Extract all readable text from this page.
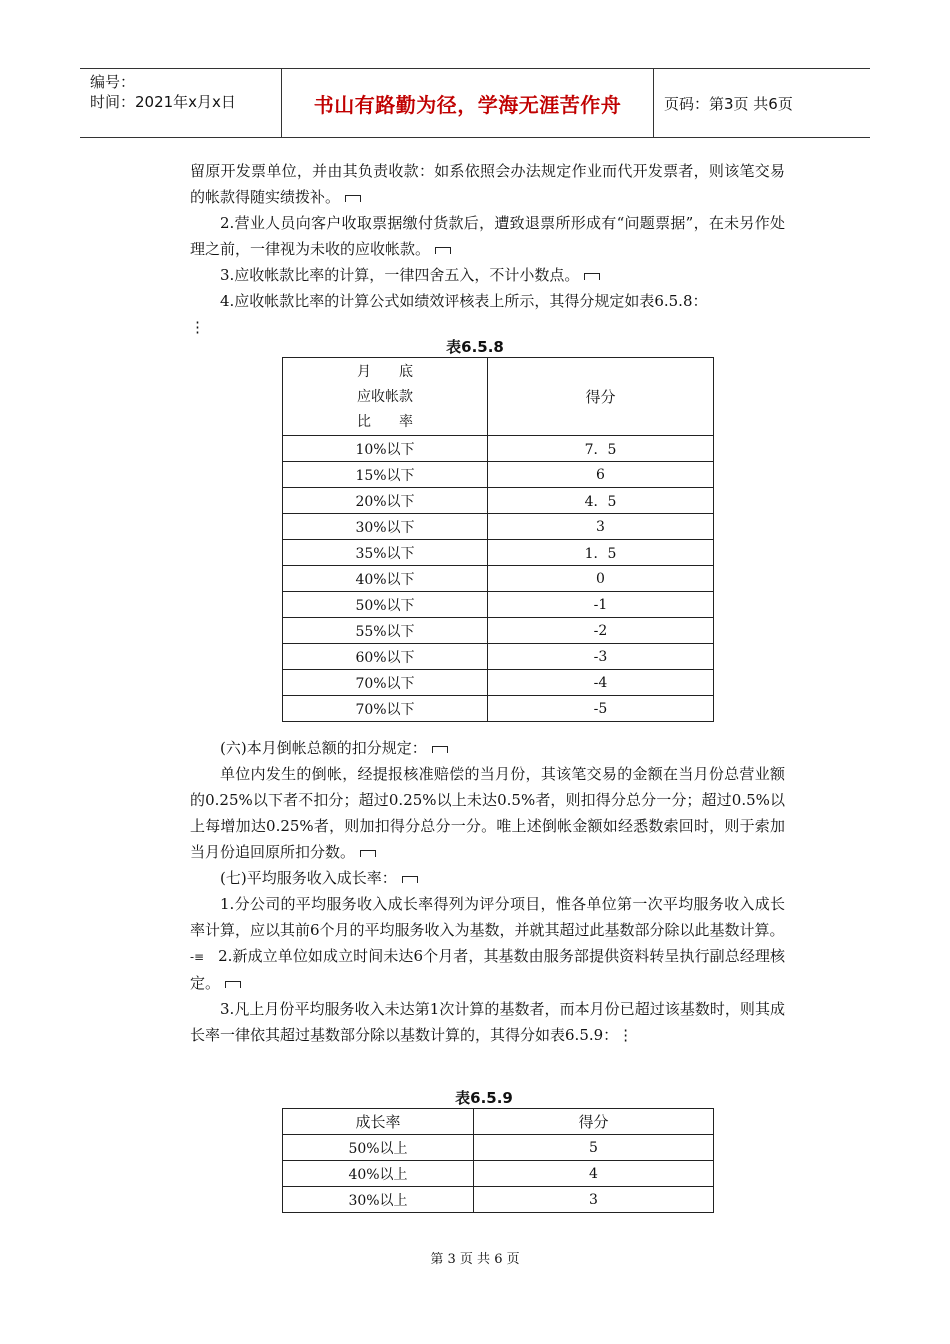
编号：
时间：2021年x月x日	书山有路勤为径，学海无涯苦作舟	页码：第3页 共6页

留原开发票单位，并由其负责收款：如系依照会办法规定作业而代开发票者，则该笔交易的帐款得随实绩拨补。

2.营业人员向客户收取票据缴付货款后，遭致退票所形成有“问题票据”，在未另作处理之前，一律视为未收的应收帐款。

3.应收帐款比率的计算，一律四舍五入，不计小数点。

4.应收帐款比率的计算公式如绩效评核表上所示，其得分规定如表6.5.8：

⋮

表6.5.8
月　　底
应收帐款
比　　率	得分
10%以下	7．5
15%以下	6
20%以下	4．5
30%以下	3
35%以下	1．5
40%以下	0
50%以下	-1
55%以下	-2
60%以下	-3
70%以下	-4
70%以下	-5

(六)本月倒帐总额的扣分规定：

单位内发生的倒帐，经提报核准赔偿的当月份，其该笔交易的金额在当月份总营业额的0.25%以下者不扣分；超过0.25%以上未达0.5%者，则扣得分总分一分；超过0.5%以上每增加达0.25%者，则加扣得分总分一分。唯上述倒帐金额如经悉数索回时，则于索加当月份追回原所扣分数。

(七)平均服务收入成长率：

1.分公司的平均服务收入成长率得列为评分项目，惟各单位第一次平均服务收入成长率计算，应以其前6个月的平均服务收入为基数，并就其超过此基数部分除以此基数计算。

-≡ 2.新成立单位如成立时间未达6个月者，其基数由服务部提供资料转呈执行副总经理核定。

3.凡上月份平均服务收入未达第1次计算的基数者，而本月份已超过该基数时，则其成长率一律依其超过基数部分除以基数计算的，其得分如表6.5.9：⋮

表6.5.9
成长率	得分
50%以上	5
40%以上	4
30%以上	3
第 3 页 共 6 页
